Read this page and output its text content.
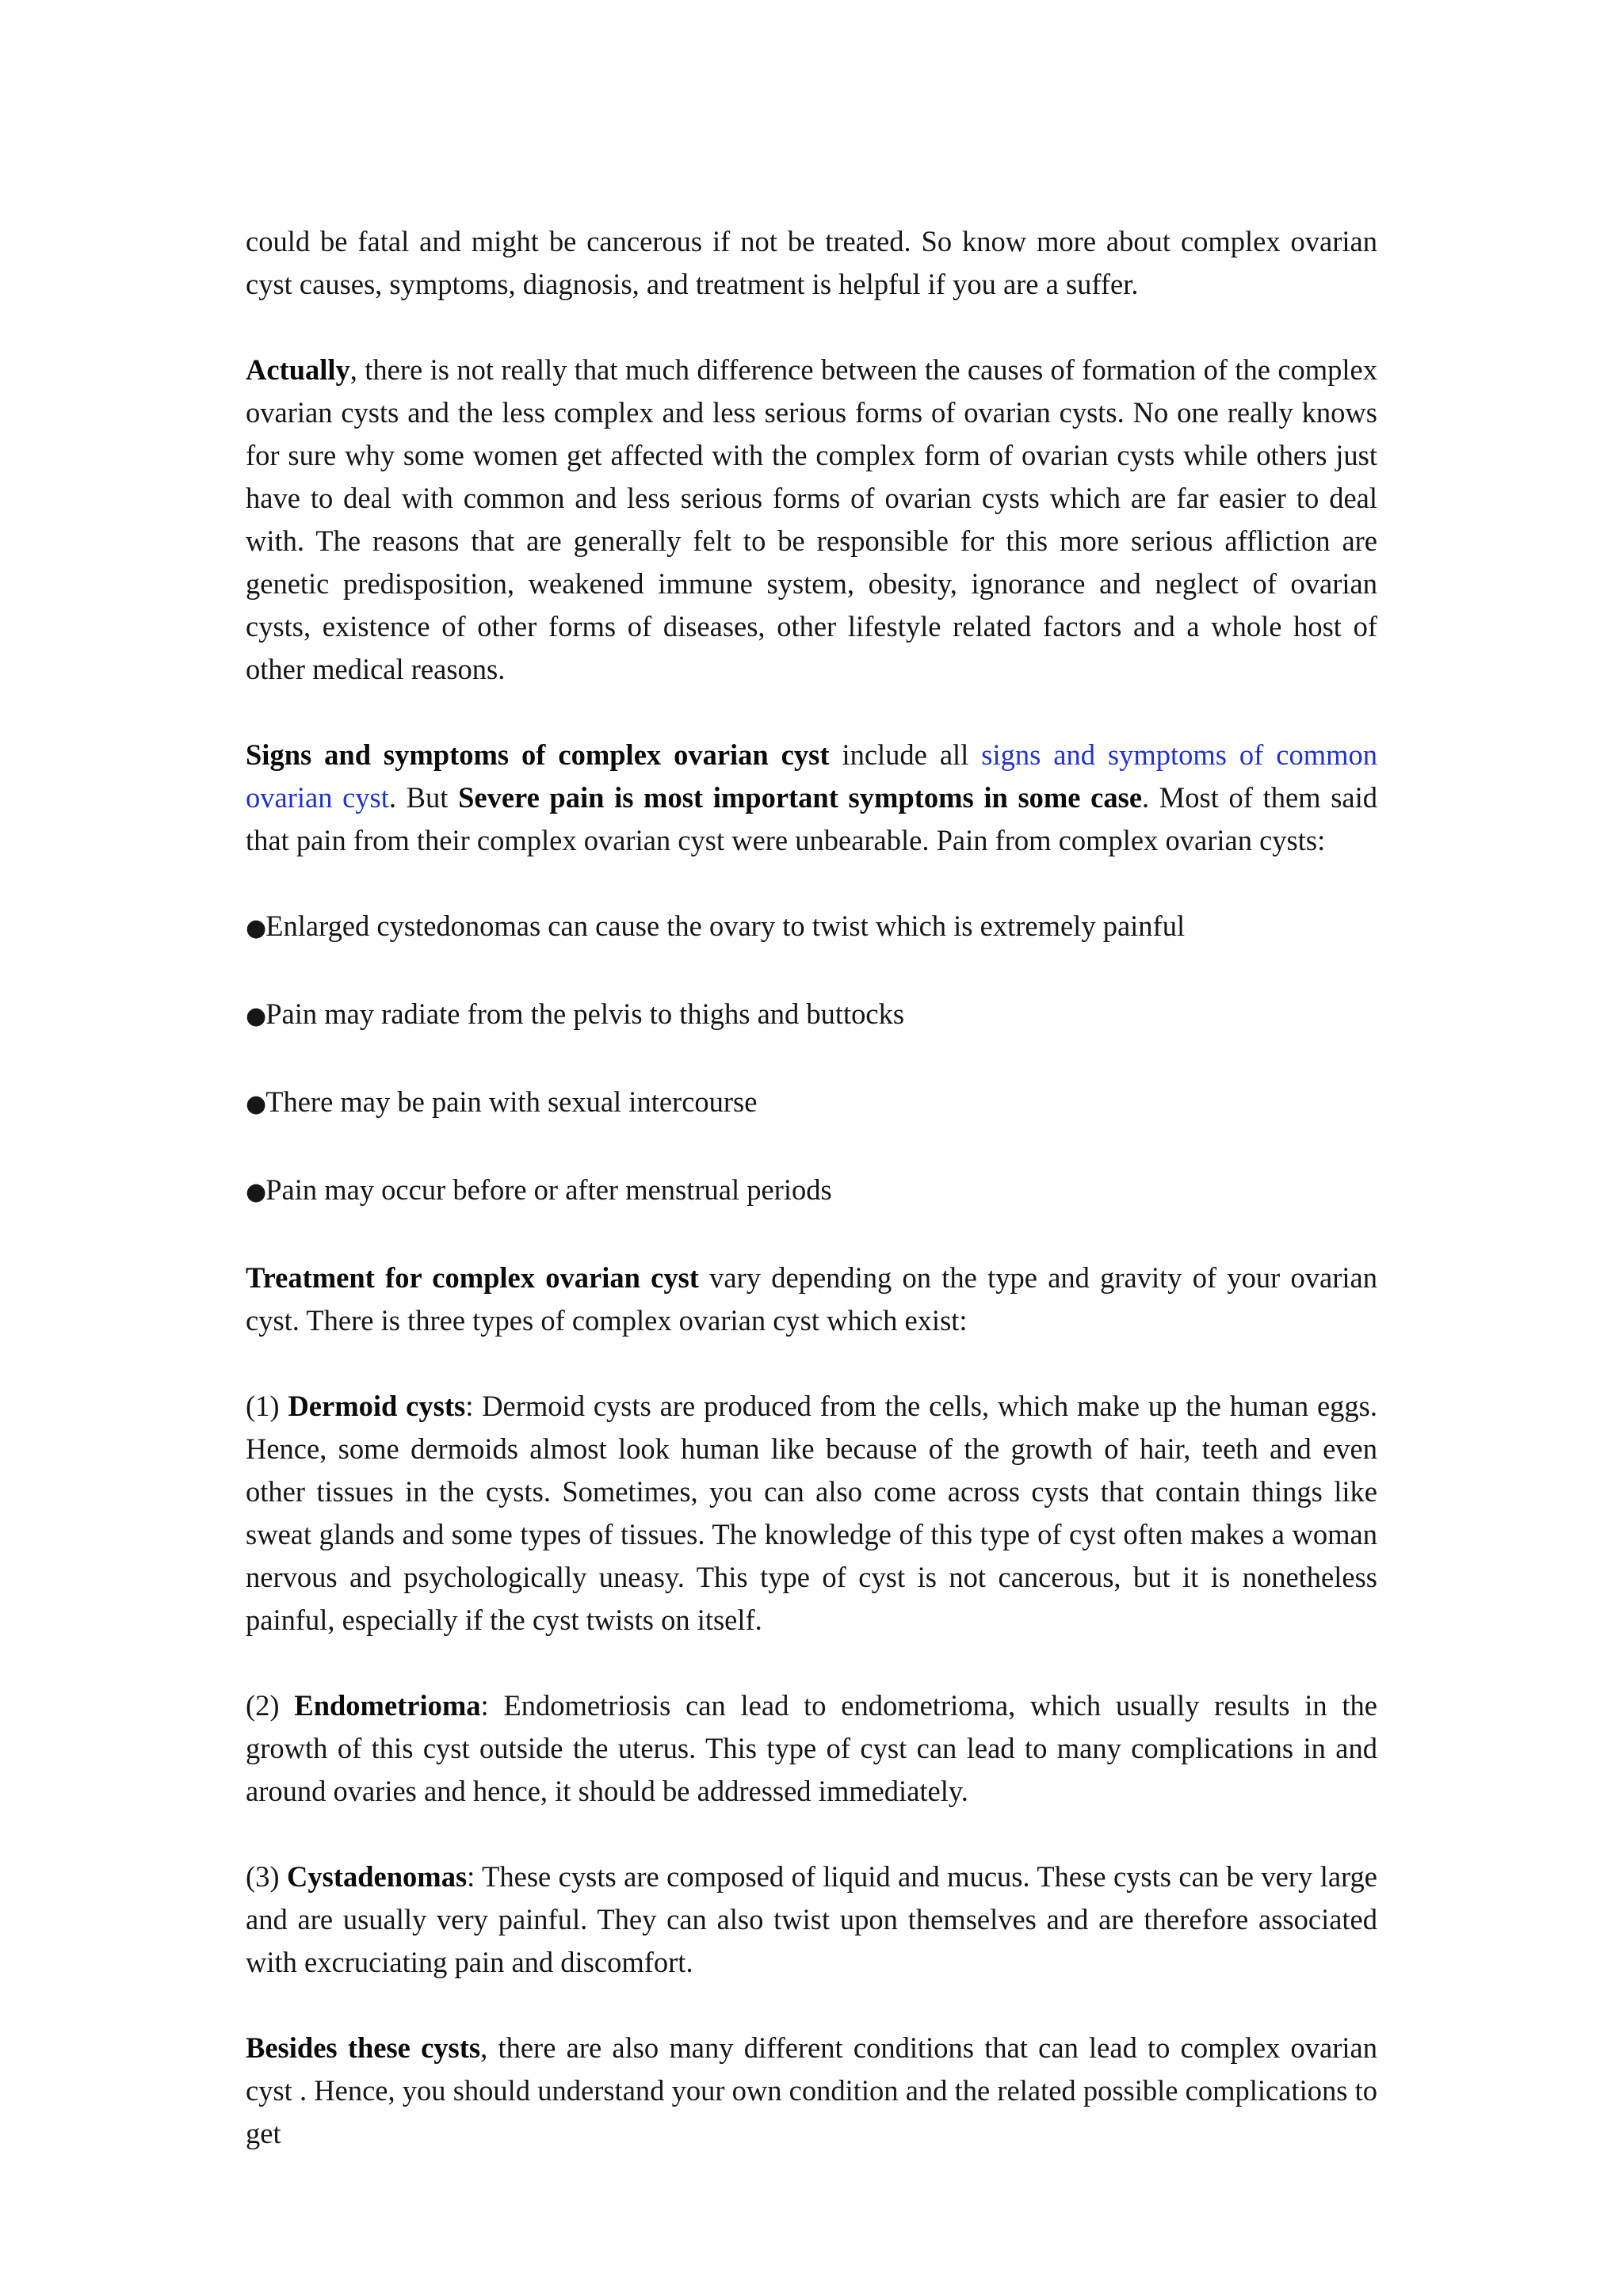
could be fatal and might be cancerous if not be treated. So know more about complex ovarian cyst causes, symptoms, diagnosis, and treatment is helpful if you are a suffer.

Actually, there is not really that much difference between the causes of formation of the complex ovarian cysts and the less complex and less serious forms of ovarian cysts. No one really knows for sure why some women get affected with the complex form of ovarian cysts while others just have to deal with common and less serious forms of ovarian cysts which are far easier to deal with. The reasons that are generally felt to be responsible for this more serious affliction are genetic predisposition, weakened immune system, obesity, ignorance and neglect of ovarian cysts, existence of other forms of diseases, other lifestyle related factors and a whole host of other medical reasons.

Signs and symptoms of complex ovarian cyst include all signs and symptoms of common ovarian cyst. But Severe pain is most important symptoms in some case. Most of them said that pain from their complex ovarian cyst were unbearable. Pain from complex ovarian cysts:

●Enlarged cystedonomas can cause the ovary to twist which is extremely painful

●Pain may radiate from the pelvis to thighs and buttocks

●There may be pain with sexual intercourse

●Pain may occur before or after menstrual periods

Treatment for complex ovarian cyst vary depending on the type and gravity of your ovarian cyst. There is three types of complex ovarian cyst which exist:

(1) Dermoid cysts: Dermoid cysts are produced from the cells, which make up the human eggs. Hence, some dermoids almost look human like because of the growth of hair, teeth and even other tissues in the cysts. Sometimes, you can also come across cysts that contain things like sweat glands and some types of tissues. The knowledge of this type of cyst often makes a woman nervous and psychologically uneasy. This type of cyst is not cancerous, but it is nonetheless painful, especially if the cyst twists on itself.

(2) Endometrioma: Endometriosis can lead to endometrioma, which usually results in the growth of this cyst outside the uterus. This type of cyst can lead to many complications in and around ovaries and hence, it should be addressed immediately.

(3) Cystadenomas: These cysts are composed of liquid and mucus. These cysts can be very large and are usually very painful. They can also twist upon themselves and are therefore associated with excruciating pain and discomfort.

Besides these cysts, there are also many different conditions that can lead to complex ovarian cyst . Hence, you should understand your own condition and the related possible complications to get
